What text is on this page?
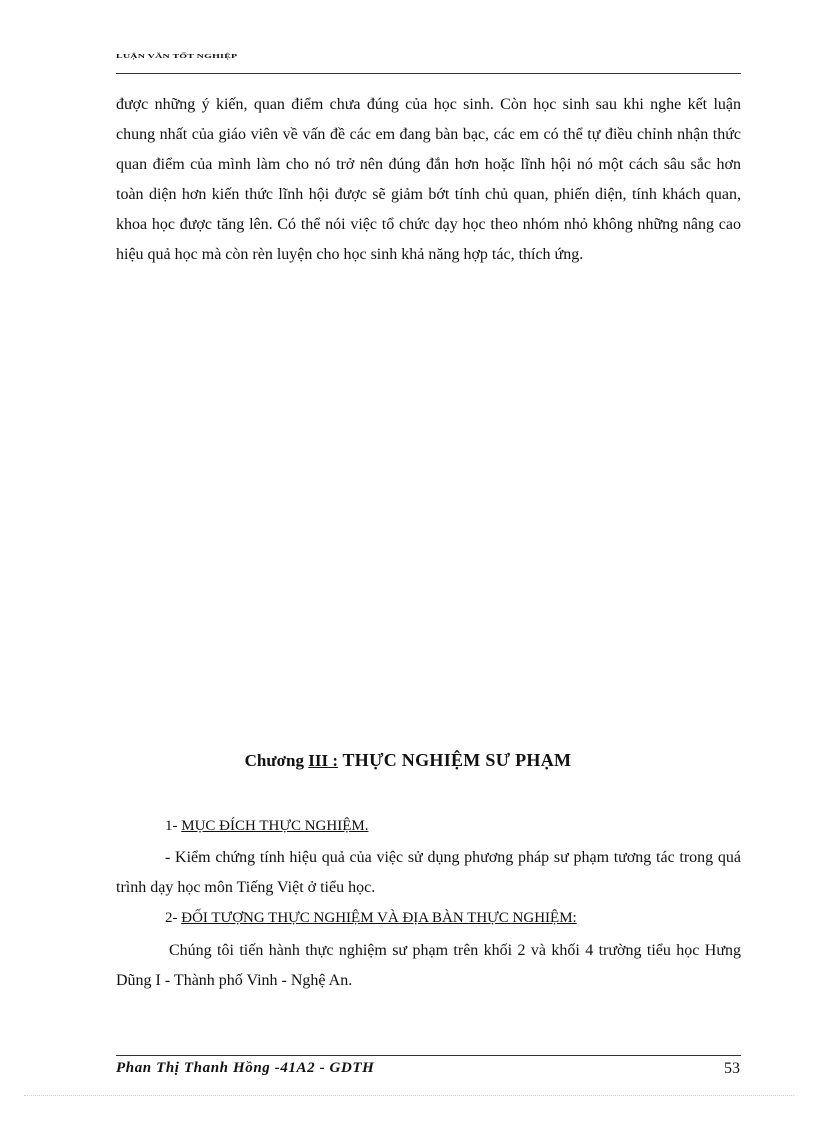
LUẬN VĂN TỐT NGHIỆP

được những ý kiến, quan điểm chưa đúng của học sinh. Còn học sinh sau khi nghe kết luận chung nhất của giáo viên về vấn đề các em đang bàn bạc, các em có thể tự điều chỉnh nhận thức quan điểm của mình làm cho nó trở nên đúng đắn hơn hoặc lĩnh hội nó một cách sâu sắc hơn toàn diện hơn kiến thức lĩnh hội được sẽ giảm bớt tính chủ quan, phiến diện, tính khách quan, khoa học được tăng lên. Có thể nói việc tổ chức dạy học theo nhóm nhỏ không những nâng cao hiệu quả học mà còn rèn luyện cho học sinh khả năng hợp tác, thích ứng.

Chương III : THỰC NGHIỆM SƯ PHẠM
1- MỤC ĐÍCH THỰC NGHIỆM.

- Kiểm chứng tính hiệu quả của việc sử dụng phương pháp sư phạm tương tác trong quá trình dạy học môn Tiếng Việt ở tiểu học.

2- ĐỐI TƯỢNG THỰC NGHIỆM VÀ ĐỊA BÀN THỰC NGHIỆM:

Chúng tôi tiến hành thực nghiệm sư phạm trên khối 2 và khối 4 trường tiểu học Hưng Dũng I - Thành phố Vinh - Nghệ An.

Phan Thị Thanh Hồng -41A2 - GDTH	53
